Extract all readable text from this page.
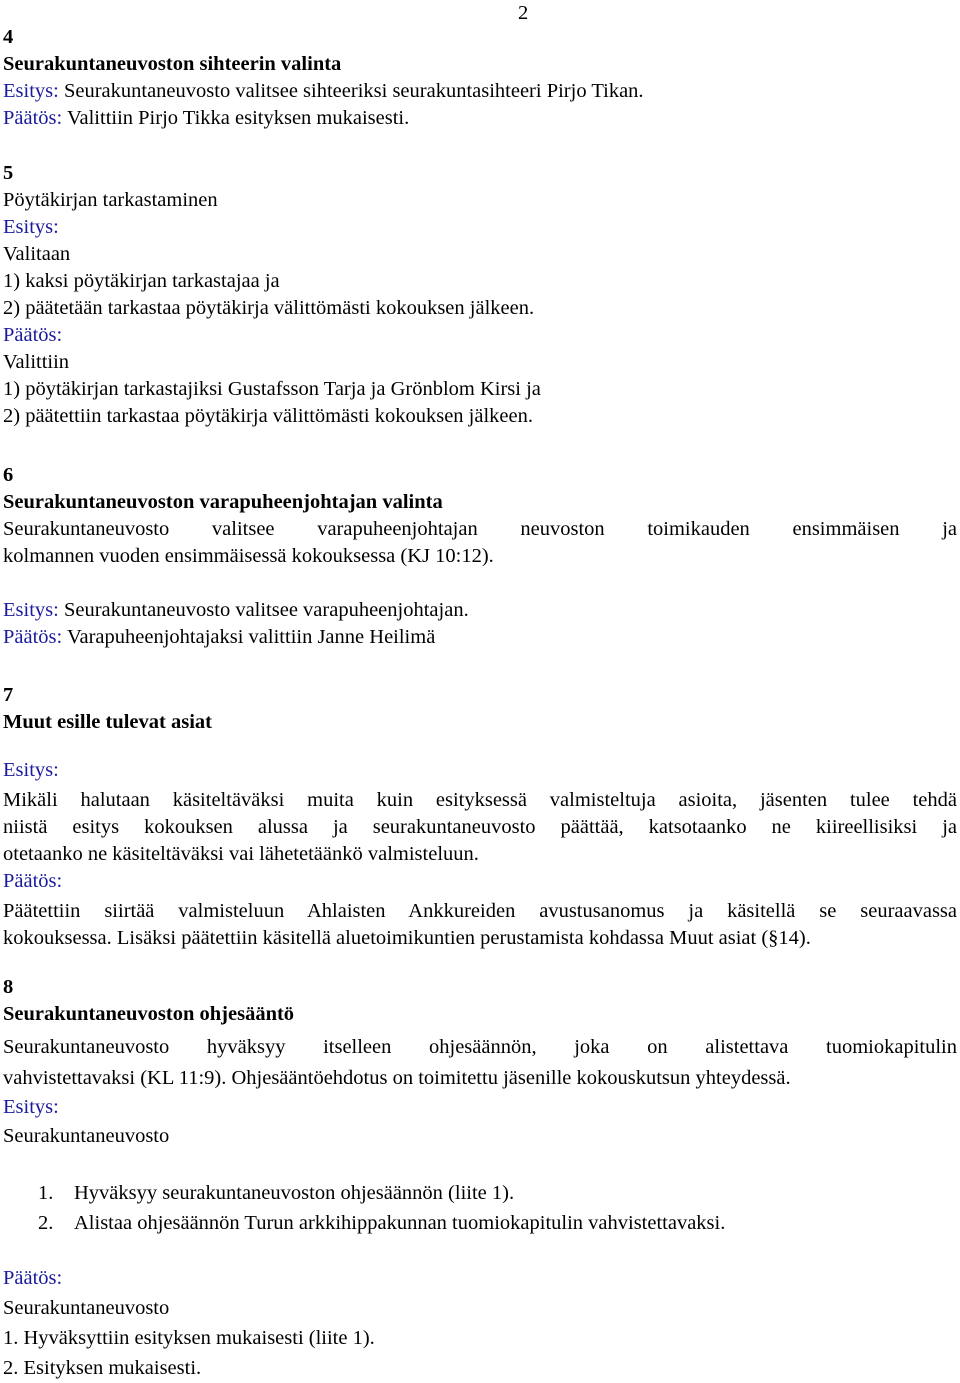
2
4
Seurakuntaneuvoston sihteerin valinta
Esitys: Seurakuntaneuvosto valitsee sihteeriksi seurakuntasihteeri Pirjo Tikan.
Päätös: Valittiin Pirjo Tikka esityksen mukaisesti.
5
Pöytäkirjan tarkastaminen
Esitys:
Valitaan
1) kaksi pöytäkirjan tarkastajaa ja
2) päätetään tarkastaa pöytäkirja välittömästi kokouksen jälkeen.
Päätös:
Valittiin
1) pöytäkirjan tarkastajiksi Gustafsson Tarja ja Grönblom Kirsi ja
2) päätettiin tarkastaa pöytäkirja välittömästi kokouksen jälkeen.
6
Seurakuntaneuvoston varapuheenjohtajan valinta
Seurakuntaneuvosto valitsee varapuheenjohtajan neuvoston toimikauden ensimmäisen ja
kolmannen vuoden ensimmäisessä kokouksessa (KJ 10:12).
Esitys: Seurakuntaneuvosto valitsee varapuheenjohtajan.
Päätös: Varapuheenjohtajaksi valittiin Janne Heilimä
7
Muut esille tulevat asiat
Esitys:
Mikäli halutaan käsiteltäväksi muita kuin esityksessä valmisteltuja asioita, jäsenten tulee tehdä
niistä esitys kokouksen alussa ja seurakuntaneuvosto päättää, katsotaanko ne kiireellisiksi ja
otetaanko ne käsiteltäväksi vai lähetetäänkö valmisteluun.
Päätös:
Päätettiin siirtää valmisteluun Ahlaisten Ankkureiden avustusanomus ja käsitellä se seuraavassa
kokouksessa. Lisäksi päätettiin käsitellä aluetoimikuntien perustamista kohdassa Muut asiat (§14).
8
Seurakuntaneuvoston ohjesääntö
Seurakuntaneuvosto hyväksyy itselleen ohjesäännön, joka on alistettava tuomiokapitulin
vahvistettavaksi (KL 11:9). Ohjesääntöehdotus on toimitettu jäsenille kokouskutsun yhteydessä.
Esitys:
Seurakuntaneuvosto
1. Hyväksyy seurakuntaneuvoston ohjesäännön (liite 1).
2. Alistaa ohjesäännön Turun arkkihippakunnan tuomiokapitulin vahvistettavaksi.
Päätös:
Seurakuntaneuvosto
1. Hyväksyttiin esityksen mukaisesti (liite 1).
2. Esityksen mukaisesti.
